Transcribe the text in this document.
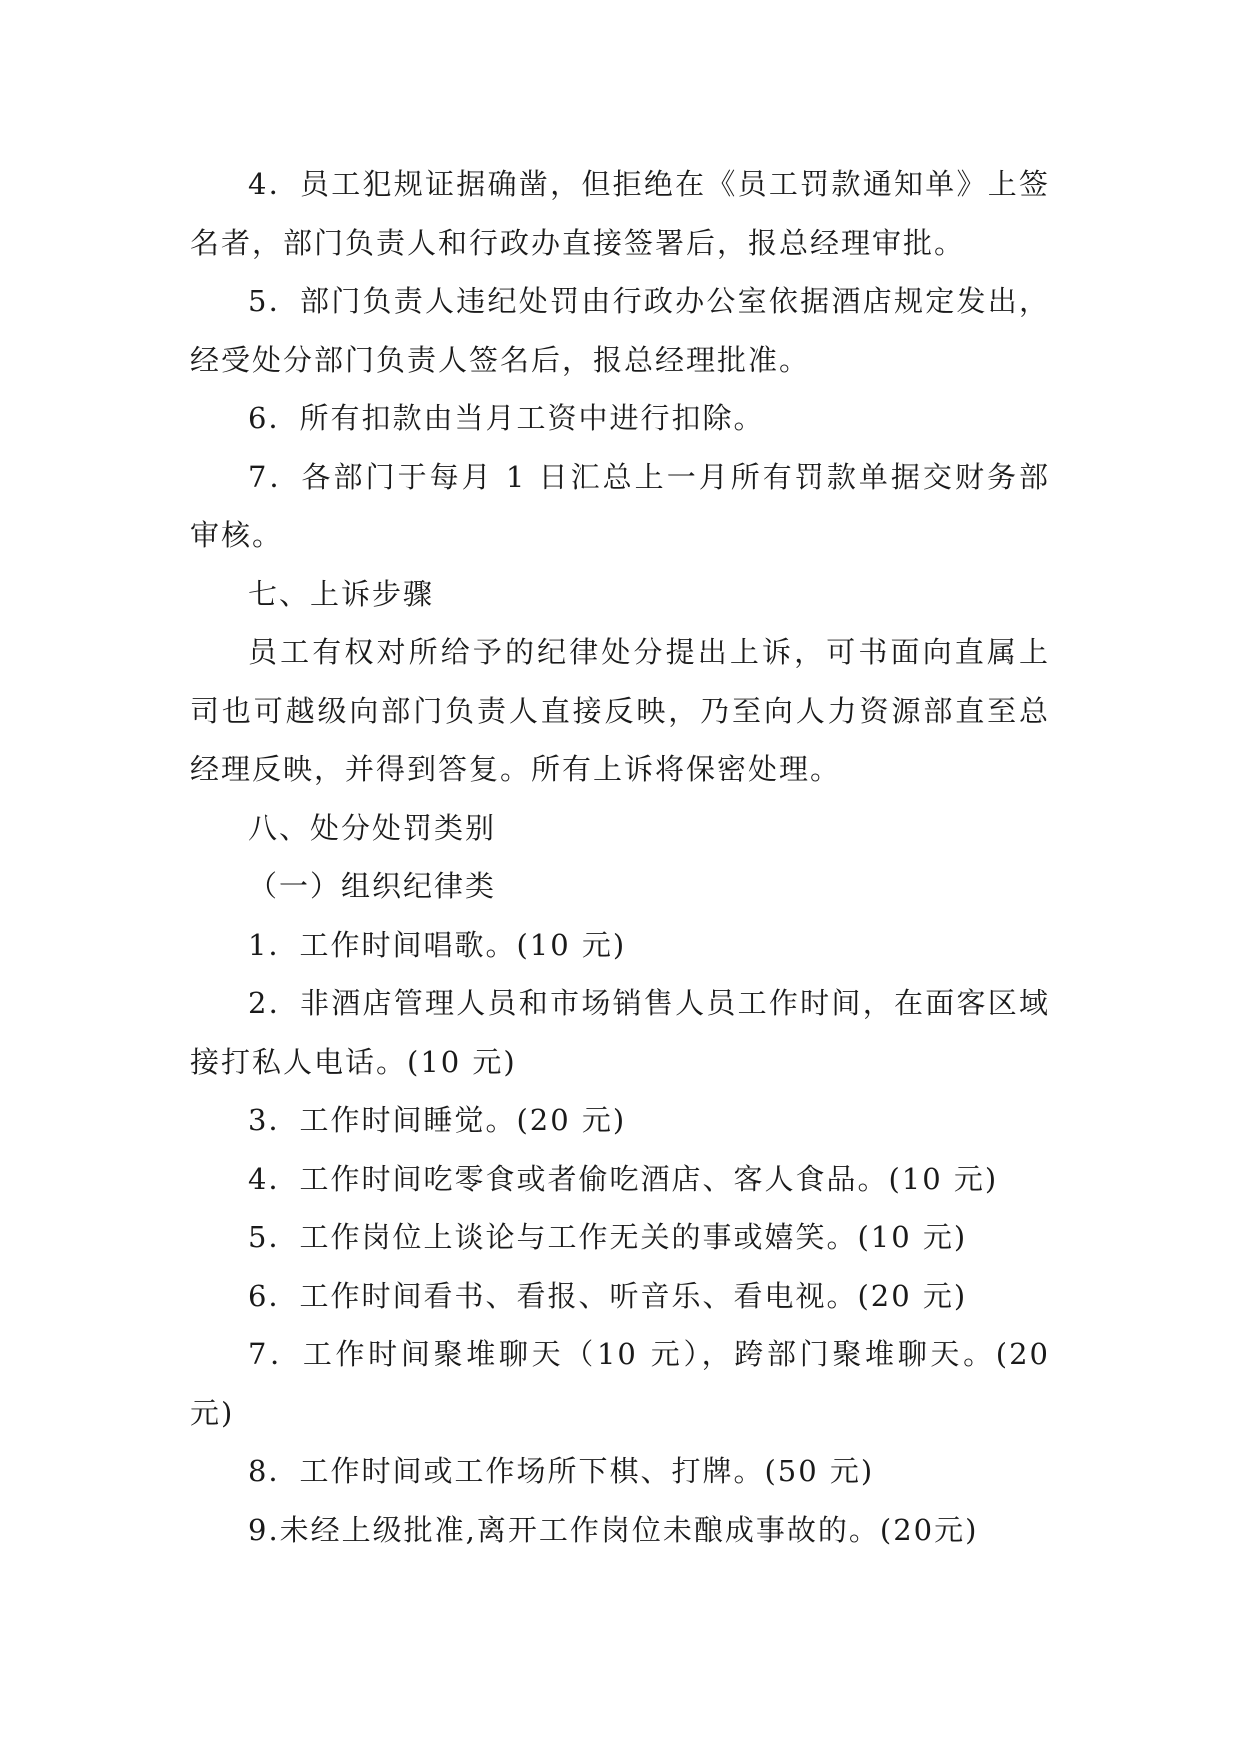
4．员工犯规证据确凿，但拒绝在《员工罚款通知单》上签名者，部门负责人和行政办直接签署后，报总经理审批。

5．部门负责人违纪处罚由行政办公室依据酒店规定发出，经受处分部门负责人签名后，报总经理批准。

6．所有扣款由当月工资中进行扣除。

7．各部门于每月 1 日汇总上一月所有罚款单据交财务部审核。

七、上诉步骤

员工有权对所给予的纪律处分提出上诉，可书面向直属上司也可越级向部门负责人直接反映，乃至向人力资源部直至总经理反映，并得到答复。所有上诉将保密处理。

八、处分处罚类别

（一）组织纪律类

1．工作时间唱歌。(10 元)

2．非酒店管理人员和市场销售人员工作时间，在面客区域接打私人电话。(10 元)

3．工作时间睡觉。(20 元)

4．工作时间吃零食或者偷吃酒店、客人食品。(10 元)

5．工作岗位上谈论与工作无关的事或嬉笑。(10 元)

6．工作时间看书、看报、听音乐、看电视。(20 元)

7．工作时间聚堆聊天（10 元），跨部门聚堆聊天。(20 元)

8．工作时间或工作场所下棋、打牌。(50 元)

9.未经上级批准,离开工作岗位未酿成事故的。(20元)
